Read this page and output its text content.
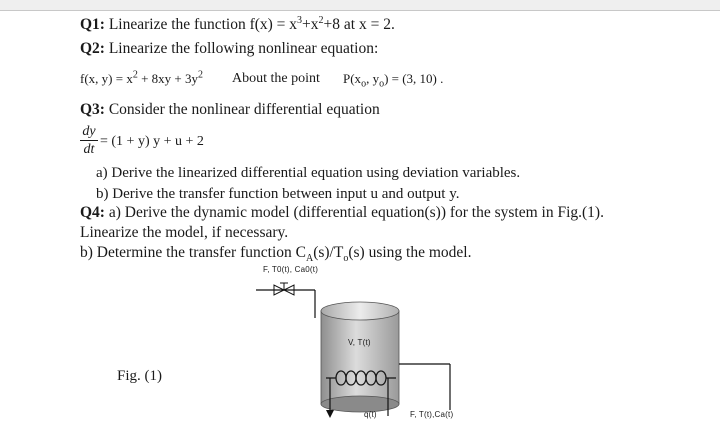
Q1: Linearize the function $f(x) = x^3+x^2+8$ at x = 2.
Q2: Linearize the following nonlinear equation:
f(x, $y) = x^2 + 8xy + 3y^2$ About the point $P(x_o$, $y_o) = (3$, 10) .
Q3: Consider the nonlinear differential equation
dy
dt
= (1 + y) y + u + 2
a) Derive the linearized differential equation using deviation variables.
b) Derive the transfer function between input u and output y.
Q4: a) Derive the dynamic model (differential equation(s)) for the system in Fig.(1).
Linearize the model, if necessary.
b) Determine the transfer function $C_A(s)/T_o(s)$ using the model.
F, T0(t), Ca0(t)
V, T(t)
q(t)	F, T(t),Ca(t)
Fig. (1)
